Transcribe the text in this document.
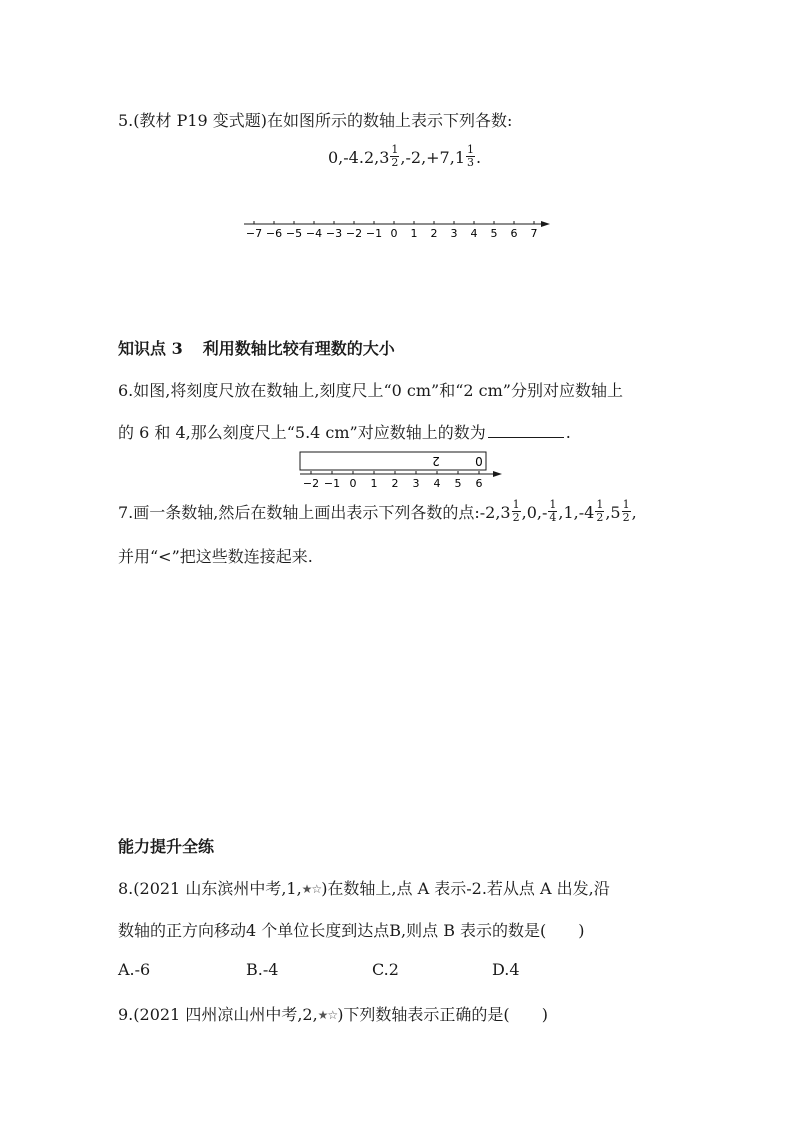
5.(教材 P19 变式题)在如图所示的数轴上表示下列各数:
$0,-4.2,3 \frac{1}{2} ,-2,+7,1 \frac{1}{3}$ .
−7 −6 −5 −4 −3 −2 −1 0 1 2 3 4 5 6 7
知识点 3 利用数轴比较有理数的大小
6.如图,将刻度尺放在数轴上,刻度尺上“0 cm”和“2 cm”分别对应数轴上
的 6 和 4,那么刻度尺上“5.4 cm”对应数轴上的数为	.
2	0
−2 −1 0 1 2 3 4 5 6
7.画一条数轴,然后在数轴上画出表示下列各数的点:-2,3 $\frac{1}{2} ,0,- \frac{1}{4} ,1,-4 \frac{1}{2} ,5 \frac{1}{2}$ ,
并用“<”把这些数连接起来.
能力提升全练
8.(2021 山东滨州中考,1,★☆)在数轴上,点 A 表示-2.若从点 A 出发,沿
数轴的正方向移动4 个单位长度到达点B,则点 B 表示的数是( )
A.-6	B.-4	C.2	D.4
9.(2021 四州凉山州中考,2,★☆)下列数轴表示正确的是( )
